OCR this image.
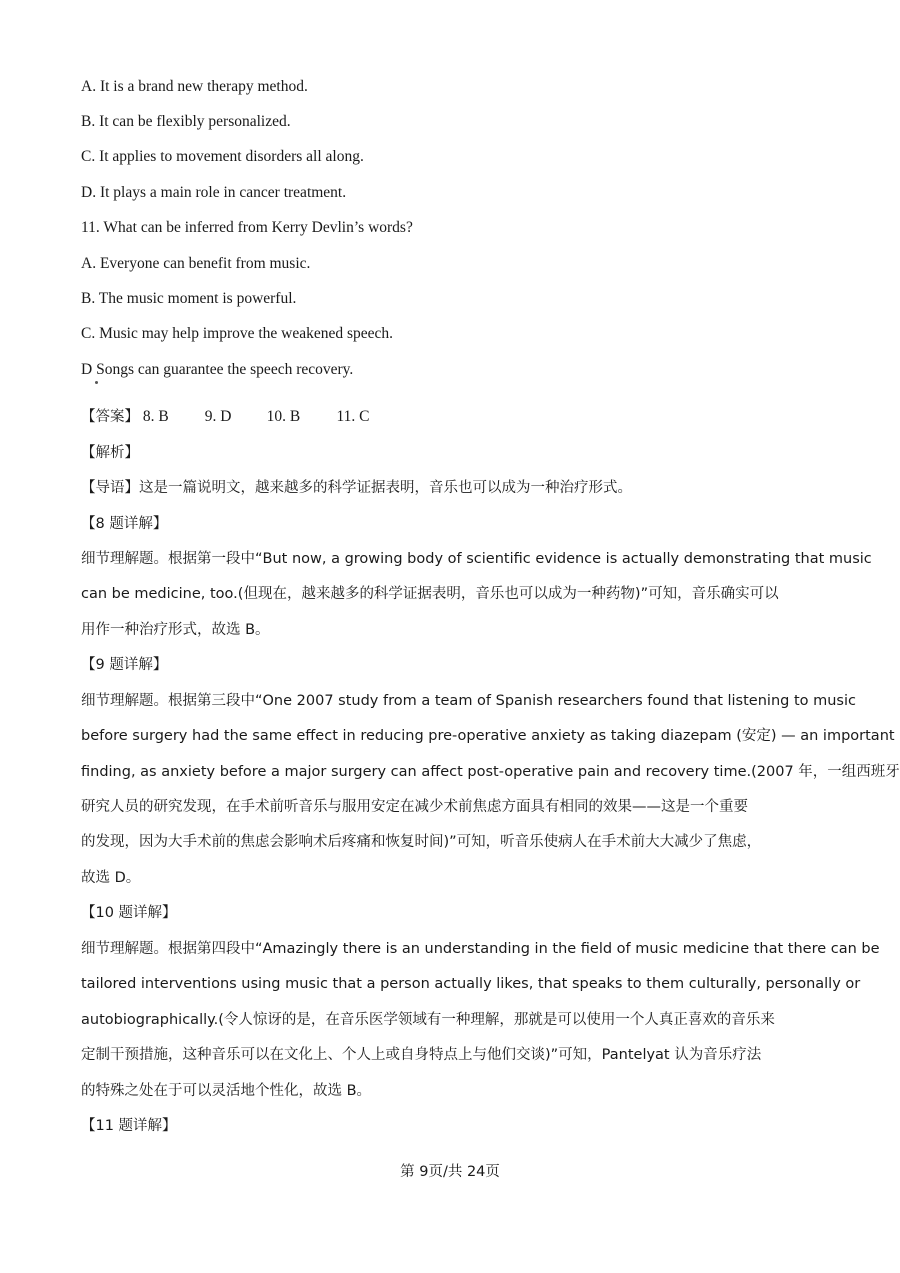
A. It is a brand new therapy method.
B. It can be flexibly personalized.
C. It applies to movement disorders all along.
D. It plays a main role in cancer treatment.
11. What can be inferred from Kerry Devlin’s words?
A. Everyone can benefit from music.
B. The music moment is powerful.
C. Music may help improve the weakened speech.
D Songs can guarantee the speech recovery.
【答案】 8. B 9. D 10. B 11. C
【解析】
【导语】这是一篇说明文，越来越多的科学证据表明，音乐也可以成为一种治疗形式。
【8 题详解】
细节理解题。根据第一段中“But now, a growing body of scientific evidence is actually demonstrating that music
can be medicine, too.(但现在，越来越多的科学证据表明，音乐也可以成为一种药物)”可知，音乐确实可以
用作一种治疗形式，故选 B。
【9 题详解】
细节理解题。根据第三段中“One 2007 study from a team of Spanish researchers found that listening to music
before surgery had the same effect in reducing pre-operative anxiety as taking diazepam (安定) — an important
finding, as anxiety before a major surgery can affect post-operative pain and recovery time.(2007 年，一组西班牙
研究人员的研究发现，在手术前听音乐与服用安定在减少术前焦虑方面具有相同的效果——这是一个重要
的发现，因为大手术前的焦虑会影响术后疼痛和恢复时间)”可知，听音乐使病人在手术前大大减少了焦虑，
故选 D。
【10 题详解】
细节理解题。根据第四段中“Amazingly there is an understanding in the field of music medicine that there can be
tailored interventions using music that a person actually likes, that speaks to them culturally, personally or
autobiographically.(令人惊讶的是，在音乐医学领域有一种理解，那就是可以使用一个人真正喜欢的音乐来
定制干预措施，这种音乐可以在文化上、个人上或自身特点上与他们交谈)”可知，Pantelyat 认为音乐疗法
的特殊之处在于可以灵活地个性化，故选 B。
【11 题详解】
第 9页/共 24页
